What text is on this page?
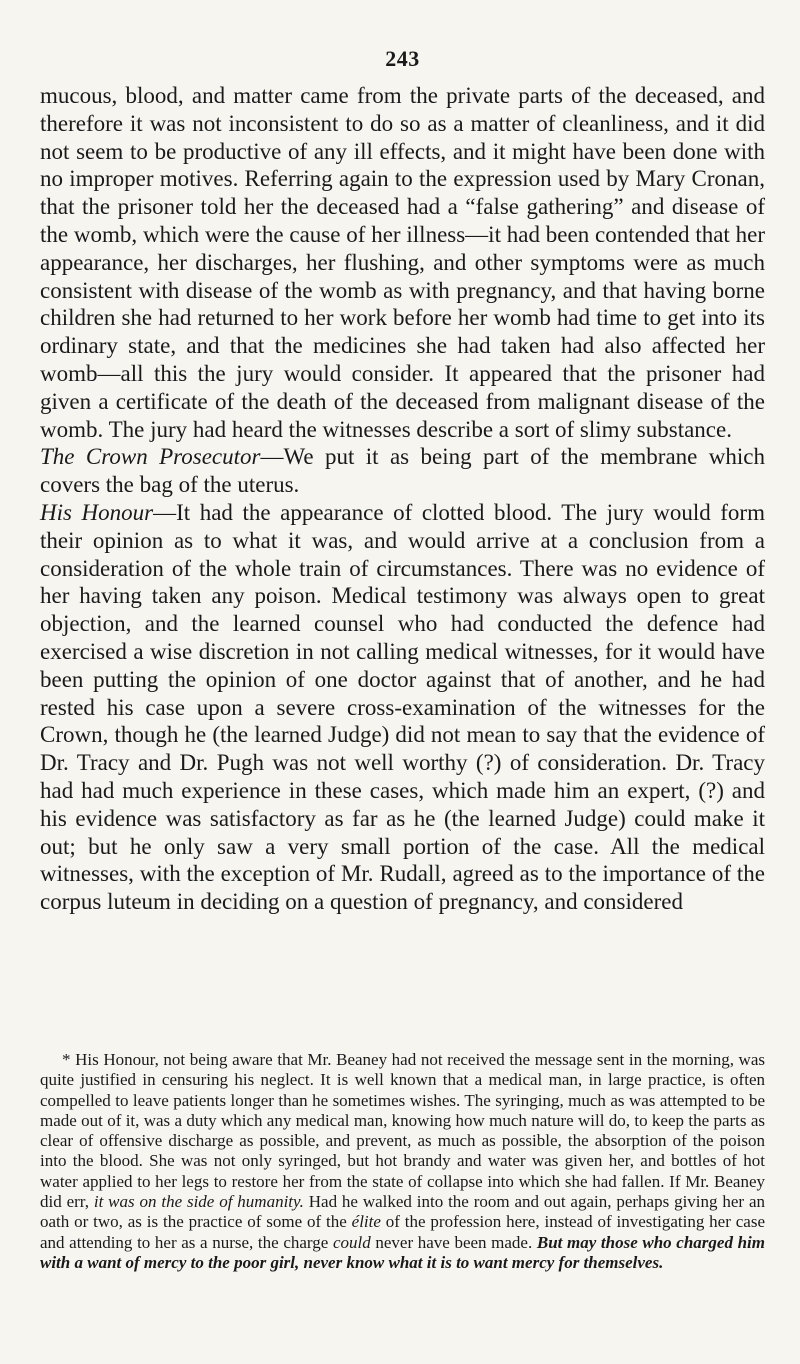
243

mucous, blood, and matter came from the private parts of the deceased, and therefore it was not inconsistent to do so as a matter of cleanliness, and it did not seem to be productive of any ill effects, and it might have been done with no improper motives. Referring again to the expression used by Mary Cronan, that the prisoner told her the deceased had a “false gathering” and disease of the womb, which were the cause of her illness—it had been contended that her appearance, her discharges, her flushing, and other symptoms were as much consistent with disease of the womb as with pregnancy, and that having borne children she had returned to her work before her womb had time to get into its ordinary state, and that the medicines she had taken had also affected her womb—all this the jury would consider. It appeared that the prisoner had given a certificate of the death of the deceased from malignant disease of the womb. The jury had heard the witnesses describe a sort of slimy substance.

The Crown Prosecutor—We put it as being part of the membrane which covers the bag of the uterus.

His Honour—It had the appearance of clotted blood. The jury would form their opinion as to what it was, and would arrive at a conclusion from a consideration of the whole train of circumstances. There was no evidence of her having taken any poison. Medical testimony was always open to great objection, and the learned counsel who had conducted the defence had exercised a wise discretion in not calling medical witnesses, for it would have been putting the opinion of one doctor against that of another, and he had rested his case upon a severe cross-examination of the witnesses for the Crown, though he (the learned Judge) did not mean to say that the evidence of Dr. Tracy and Dr. Pugh was not well worthy (?) of consideration. Dr. Tracy had had much experience in these cases, which made him an expert, (?) and his evidence was satisfactory as far as he (the learned Judge) could make it out; but he only saw a very small portion of the case. All the medical witnesses, with the exception of Mr. Rudall, agreed as to the importance of the corpus luteum in deciding on a question of pregnancy, and considered

* His Honour, not being aware that Mr. Beaney had not received the message sent in the morning, was quite justified in censuring his neglect. It is well known that a medical man, in large practice, is often compelled to leave patients longer than he sometimes wishes. The syringing, much as was attempted to be made out of it, was a duty which any medical man, knowing how much nature will do, to keep the parts as clear of offensive discharge as possible, and prevent, as much as possible, the absorption of the poison into the blood. She was not only syringed, but hot brandy and water was given her, and bottles of hot water applied to her legs to restore her from the state of collapse into which she had fallen. If Mr. Beaney did err, it was on the side of humanity. Had he walked into the room and out again, perhaps giving her an oath or two, as is the practice of some of the élite of the profession here, instead of investigating her case and attending to her as a nurse, the charge could never have been made. But may those who charged him with a want of mercy to the poor girl, never know what it is to want mercy for themselves.
